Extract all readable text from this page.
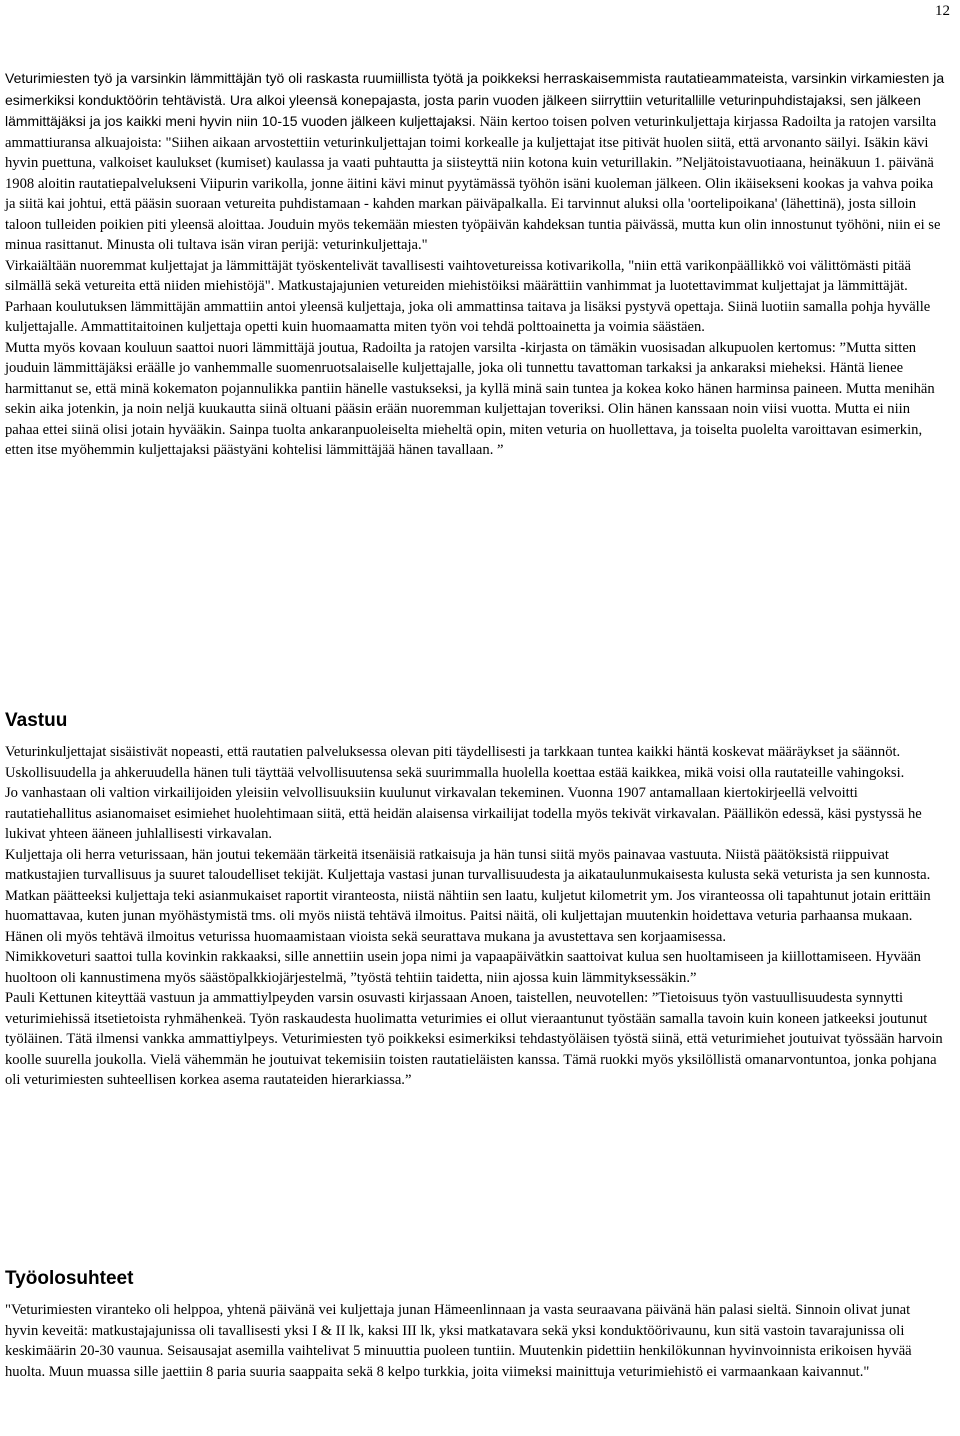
12

Veturimiesten työ ja varsinkin lämmittäjän työ oli raskasta ruumiillista työtä ja poikkeksi herraskaisemmista rautatieammateista, varsinkin virkamiesten ja esimerkiksi konduktöörin tehtävistä. Ura alkoi yleensä konepajasta, josta parin vuoden jälkeen siirryttiin veturitallille veturinpuhdistajaksi, sen jälkeen lämmittäjäksi ja jos kaikki meni hyvin niin 10-15 vuoden jälkeen kuljettajaksi. Näin kertoo toisen polven veturinkuljettaja kirjassa Radoilta ja ratojen varsilta ammattiuransa alkuajoista: "Siihen aikaan arvostettiin veturinkuljettajan toimi korkealle ja kuljettajat itse pitivät huolen siitä, että arvonanto säilyi. Isäkin kävi hyvin puettuna, valkoiset kaulukset (kumiset) kaulassa ja vaati puhtautta ja siisteyttä niin kotona kuin veturillakin. ”Neljätoistavuotiaana, heinäkuun 1. päivänä 1908 aloitin rautatiepalvelukseni Viipurin varikolla, jonne äitini kävi minut pyytämässä työhön isäni kuoleman jälkeen. Olin ikäisekseni kookas ja vahva poika ja siitä kai johtui, että pääsin suoraan vetureita puhdistamaan - kahden markan päiväpalkalla. Ei tarvinnut aluksi olla 'oortelipoikana' (lähettinä), josta silloin taloon tulleiden poikien piti yleensä aloittaa. Jouduin myös tekemään miesten työpäivän kahdeksan tuntia päivässä, mutta kun olin innostunut työhöni, niin ei se minua rasittanut. Minusta oli tultava isän viran perijä: veturinkuljettaja."

Virkaiältään nuoremmat kuljettajat ja lämmittäjät työskentelivät tavallisesti vaihtovetureissa kotivarikolla, "niin että varikonpäällikkö voi välittömästi pitää silmällä sekä vetureita että niiden miehistöjä". Matkustajajunien vetureiden miehistöiksi määrättiin vanhimmat ja luotettavimmat kuljettajat ja lämmittäjät.

Parhaan koulutuksen lämmittäjän ammattiin antoi yleensä kuljettaja, joka oli ammattinsa taitava ja lisäksi pystyvä opettaja. Siinä luotiin samalla pohja hyvälle kuljettajalle. Ammattitaitoinen kuljettaja opetti kuin huomaamatta miten työn voi tehdä polttoainetta ja voimia säästäen.

Mutta myös kovaan kouluun saattoi nuori lämmittäjä joutua, Radoilta ja ratojen varsilta -kirjasta on tämäkin vuosisadan alkupuolen kertomus: ”Mutta sitten jouduin lämmittäjäksi eräälle jo vanhemmalle suomenruotsalaiselle kuljettajalle, joka oli tunnettu tavattoman tarkaksi ja ankaraksi mieheksi. Häntä lienee harmittanut se, että minä kokematon pojannulikka pantiin hänelle vastukseksi, ja kyllä minä sain tuntea ja kokea koko hänen harminsa paineen. Mutta menihän sekin aika jotenkin, ja noin neljä kuukautta siinä oltuani pääsin erään nuoremman kuljettajan toveriksi. Olin hänen kanssaan noin viisi vuotta. Mutta ei niin pahaa ettei siinä olisi jotain hyvääkin. Sainpa tuolta ankaranpuoleiselta mieheltä opin, miten veturia on huollettava, ja toiselta puolelta varoittavan esimerkin, etten itse myöhemmin kuljettajaksi päästyäni kohtelisi lämmittäjää hänen tavallaan. ”

Vastuu

Veturinkuljettajat sisäistivät nopeasti, että rautatien palveluksessa olevan piti täydellisesti ja tarkkaan tuntea kaikki häntä koskevat määräykset ja säännöt. Uskollisuudella ja ahkeruudella hänen tuli täyttää velvollisuutensa sekä suurimmalla huolella koettaa estää kaikkea, mikä voisi olla rautateille vahingoksi.

Jo vanhastaan oli valtion virkailijoiden yleisiin velvollisuuksiin kuulunut virkavalan tekeminen. Vuonna 1907 antamallaan kiertokirjeellä velvoitti rautatiehallitus asianomaiset esimiehet huolehtimaan siitä, että heidän alaisensa virkailijat todella myös tekivät virkavalan. Päällikön edessä, käsi pystyssä he lukivat yhteen ääneen juhlallisesti virkavalan.

Kuljettaja oli herra veturissaan, hän joutui tekemään tärkeitä itsenäisiä ratkaisuja ja hän tunsi siitä myös painavaa vastuuta. Niistä päätöksistä riippuivat matkustajien turvallisuus ja suuret taloudelliset tekijät. Kuljettaja vastasi junan turvallisuudesta ja aikataulunmukaisesta kulusta sekä veturista ja sen kunnosta.

Matkan päätteeksi kuljettaja teki asianmukaiset raportit viranteosta, niistä nähtiin sen laatu, kuljetut kilometrit ym. Jos viranteossa oli tapahtunut jotain erittäin huomattavaa, kuten junan myöhästymistä tms. oli myös niistä tehtävä ilmoitus. Paitsi näitä, oli kuljettajan muutenkin hoidettava veturia parhaansa mukaan. Hänen oli myös tehtävä ilmoitus veturissa huomaamistaan vioista sekä seurattava mukana ja avustettava sen korjaamisessa.

Nimikkoveturi saattoi tulla kovinkin rakkaaksi, sille annettiin usein jopa nimi ja vapaapäivätkin saattoivat kulua sen huoltamiseen ja kiillottamiseen. Hyvään huoltoon oli kannustimena myös säästöpalkkiojärjestelmä, ”työstä tehtiin taidetta, niin ajossa kuin lämmityksessäkin.”

Pauli Kettunen kiteyttää vastuun ja ammattiylpeyden varsin osuvasti kirjassaan Anoen, taistellen, neuvotellen: ”Tietoisuus työn vastuullisuudesta synnytti veturimiehissä itsetietoista ryhmähenkeä. Työn raskaudesta huolimatta veturimies ei ollut vieraantunut työstään samalla tavoin kuin koneen jatkeeksi joutunut työläinen. Tätä ilmensi vankka ammattiylpeys. Veturimiesten työ poikkeksi esimerkiksi tehdastyöläisen työstä siinä, että veturimiehet joutuivat työssään harvoin koolle suurella joukolla. Vielä vähemmän he joutuivat tekemisiin toisten rautatieläisten kanssa. Tämä ruokki myös yksilöllistä omanarvontuntoa, jonka pohjana oli veturimiesten suhteellisen korkea asema rautateiden hierarkiassa.”

Työolosuhteet

"Veturimiesten viranteko oli helppoa, yhtenä päivänä vei kuljettaja junan Hämeenlinnaan ja vasta seuraavana päivänä hän palasi sieltä. Sinnoin olivat junat hyvin keveitä: matkustajajunissa oli tavallisesti yksi I & II lk, kaksi III lk, yksi matkatavara sekä yksi konduktöörivaunu, kun sitä vastoin tavarajunissa oli keskimäärin 20-30 vaunua. Seisausajat asemilla vaihtelivat 5 minuuttia puoleen tuntiin. Muutenkin pidettiin henkilökunnan hyvinvoinnista erikoisen hyvää huolta. Muun muassa sille jaettiin 8 paria suuria saappaita sekä 8 kelpo turkkia, joita viimeksi mainittuja veturimiehistö ei varmaankaan kaivannut."
